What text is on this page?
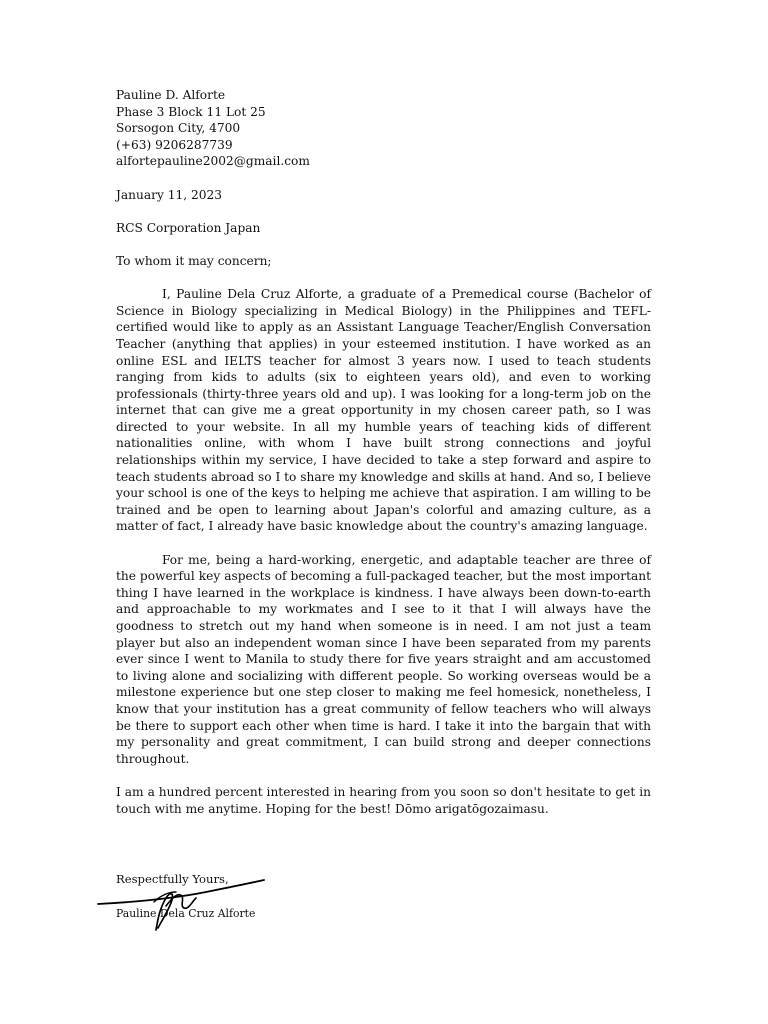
Pauline D. Alforte
Phase 3 Block 11 Lot 25
Sorsogon City, 4700
(+63) 9206287739
alfortepauline2002@gmail.com
January 11, 2023
RCS Corporation Japan
To whom it may concern;

I, Pauline Dela Cruz Alforte, a graduate of a Premedical course (Bachelor of Science in Biology specializing in Medical Biology) in the Philippines and TEFL-certified would like to apply as an Assistant Language Teacher/English Conversation Teacher (anything that applies) in your esteemed institution. I have worked as an online ESL and IELTS teacher for almost 3 years now. I used to teach students ranging from kids to adults (six to eighteen years old), and even to working professionals (thirty-three years old and up). I was looking for a long-term job on the internet that can give me a great opportunity in my chosen career path, so I was directed to your website. In all my humble years of teaching kids of different nationalities online, with whom I have built strong connections and joyful relationships within my service, I have decided to take a step forward and aspire to teach students abroad so I to share my knowledge and skills at hand. And so, I believe your school is one of the keys to helping me achieve that aspiration. I am willing to be trained and be open to learning about Japan's colorful and amazing culture, as a matter of fact, I already have basic knowledge about the country's amazing language.

For me, being a hard-working, energetic, and adaptable teacher are three of the powerful key aspects of becoming a full-packaged teacher, but the most important thing I have learned in the workplace is kindness. I have always been down-to-earth and approachable to my workmates and I see to it that I will always have the goodness to stretch out my hand when someone is in need. I am not just a team player but also an independent woman since I have been separated from my parents ever since I went to Manila to study there for five years straight and am accustomed to living alone and socializing with different people. So working overseas would be a milestone experience but one step closer to making me feel homesick, nonetheless, I know that your institution has a great community of fellow teachers who will always be there to support each other when time is hard. I take it into the bargain that with my personality and great commitment, I can build strong and deeper connections throughout.

I am a hundred percent interested in hearing from you soon so don't hesitate to get in touch with me anytime. Hoping for the best! Dōmo arigatōgozaimasu.

Respectfully Yours,
Pauline Dela Cruz Alforte
